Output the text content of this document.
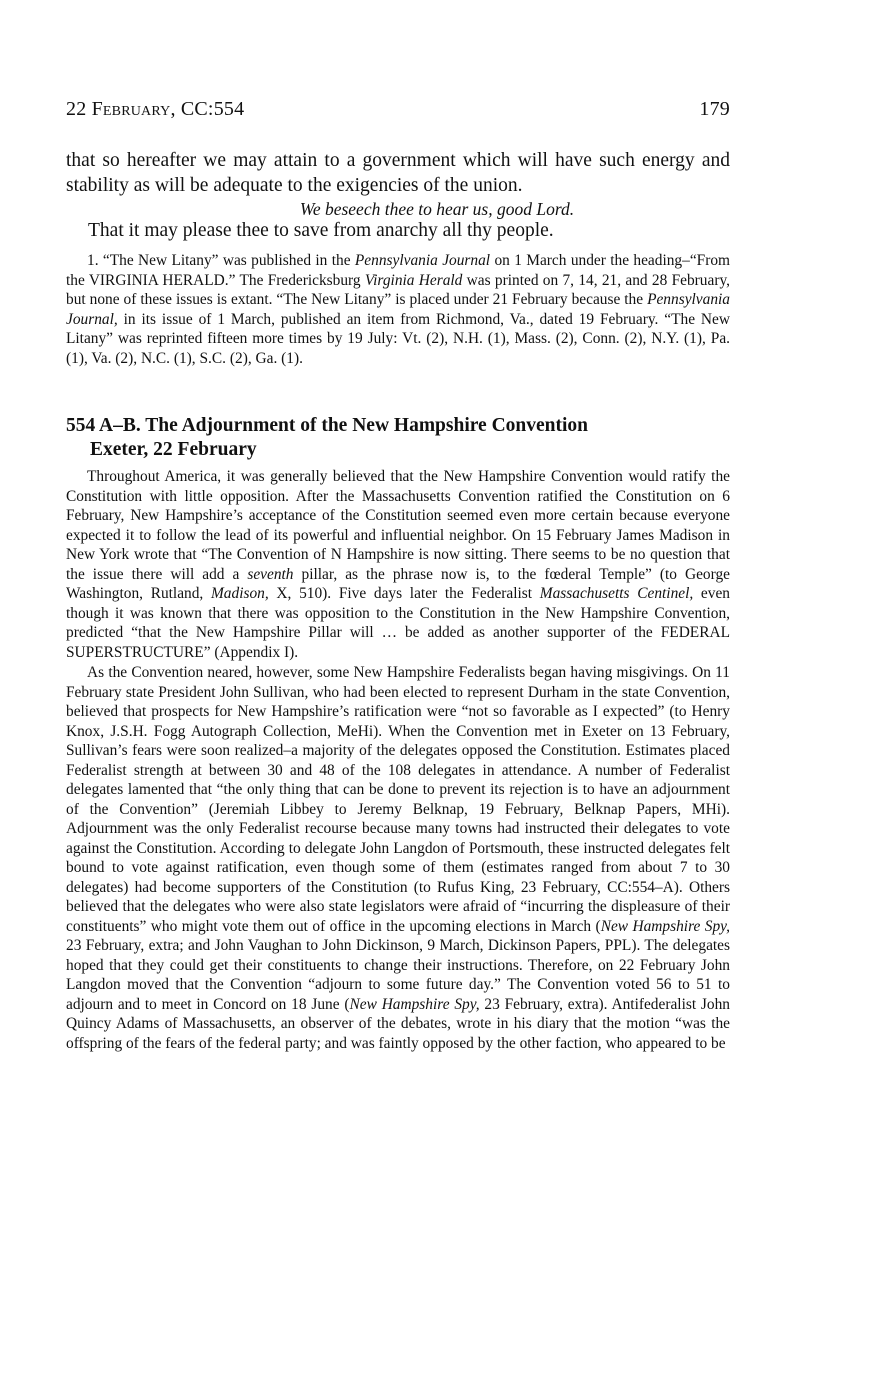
22 February, CC:554	179

that so hereafter we may attain to a government which will have such energy and stability as will be adequate to the exigencies of the union.

We beseech thee to hear us, good Lord.
That it may please thee to save from anarchy all thy people.

1. “The New Litany” was published in the Pennsylvania Journal on 1 March under the heading–“From the VIRGINIA HERALD.” The Fredericksburg Virginia Herald was printed on 7, 14, 21, and 28 February, but none of these issues is extant. “The New Litany” is placed under 21 February because the Pennsylvania Journal, in its issue of 1 March, published an item from Richmond, Va., dated 19 February. “The New Litany” was reprinted fifteen more times by 19 July: Vt. (2), N.H. (1), Mass. (2), Conn. (2), N.Y. (1), Pa. (1), Va. (2), N.C. (1), S.C. (2), Ga. (1).

554 A–B. The Adjournment of the New Hampshire Convention
Exeter, 22 February

Throughout America, it was generally believed that the New Hampshire Convention would ratify the Constitution with little opposition. After the Massachusetts Convention ratified the Constitution on 6 February, New Hampshire’s acceptance of the Constitution seemed even more certain because everyone expected it to follow the lead of its powerful and influential neighbor. On 15 February James Madison in New York wrote that “The Convention of N Hampshire is now sitting. There seems to be no question that the issue there will add a seventh pillar, as the phrase now is, to the fœderal Temple” (to George Washington, Rutland, Madison, X, 510). Five days later the Federalist Massachusetts Centinel, even though it was known that there was opposition to the Constitution in the New Hampshire Convention, predicted “that the New Hampshire Pillar will … be added as another supporter of the FEDERAL SUPERSTRUCTURE” (Appendix I).

As the Convention neared, however, some New Hampshire Federalists began having misgivings. On 11 February state President John Sullivan, who had been elected to represent Durham in the state Convention, believed that prospects for New Hampshire’s ratification were “not so favorable as I expected” (to Henry Knox, J.S.H. Fogg Autograph Collection, MeHi). When the Convention met in Exeter on 13 February, Sullivan’s fears were soon realized–a majority of the delegates opposed the Constitution. Estimates placed Federalist strength at between 30 and 48 of the 108 delegates in attendance. A number of Federalist delegates lamented that “the only thing that can be done to prevent its rejection is to have an adjournment of the Convention” (Jeremiah Libbey to Jeremy Belknap, 19 February, Belknap Papers, MHi). Adjournment was the only Federalist recourse because many towns had instructed their delegates to vote against the Constitution. According to delegate John Langdon of Portsmouth, these instructed delegates felt bound to vote against ratification, even though some of them (estimates ranged from about 7 to 30 delegates) had become supporters of the Constitution (to Rufus King, 23 February, CC:554–A). Others believed that the delegates who were also state legislators were afraid of “incurring the displeasure of their constituents” who might vote them out of office in the upcoming elections in March (New Hampshire Spy, 23 February, extra; and John Vaughan to John Dickinson, 9 March, Dickinson Papers, PPL). The delegates hoped that they could get their constituents to change their instructions. Therefore, on 22 February John Langdon moved that the Convention “adjourn to some future day.” The Convention voted 56 to 51 to adjourn and to meet in Concord on 18 June (New Hampshire Spy, 23 February, extra). Antifederalist John Quincy Adams of Massachusetts, an observer of the debates, wrote in his diary that the motion “was the offspring of the fears of the federal party; and was faintly opposed by the other faction, who appeared to be
